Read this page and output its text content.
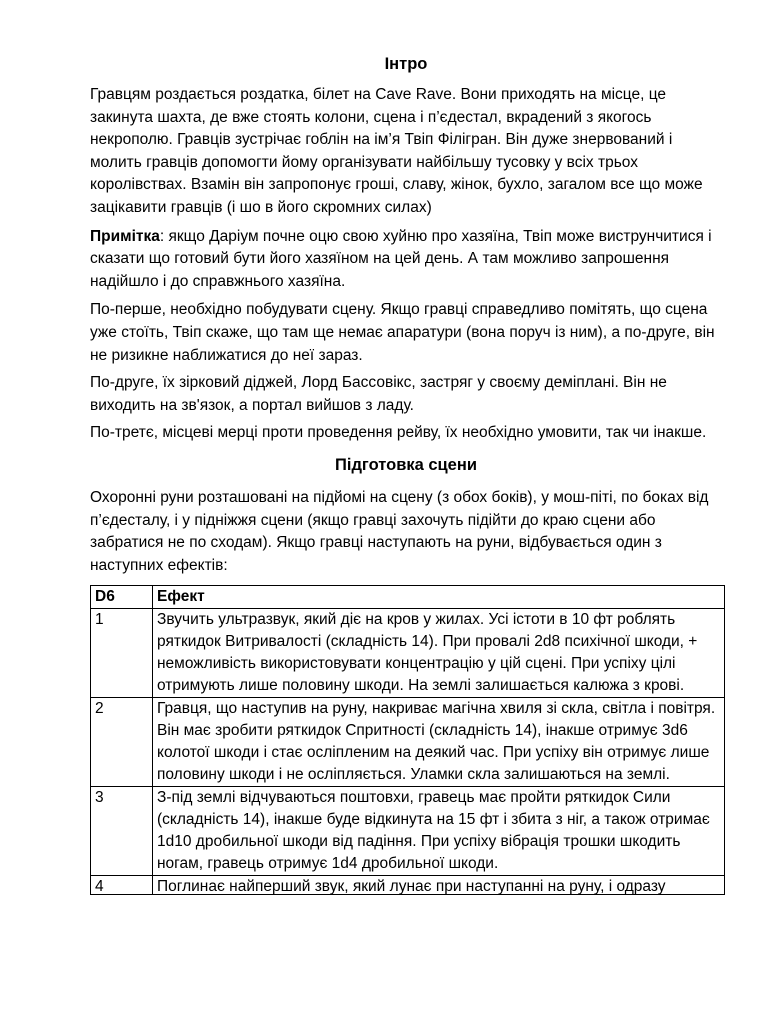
Інтро

Гравцям роздається роздатка, білет на Cave Rave. Вони приходять на місце, це закинута шахта, де вже стоять колони, сцена і п’єдестал, вкрадений з якогось некрополю. Гравців зустрічає гоблін на ім’я Твіп Філігран. Він дуже знервований і молить гравців допомогти йому організувати найбільшу тусовку у всіх трьох королівствах. Взамін він запропонує гроші, славу, жінок, бухло, загалом все що може зацікавити гравців (і шо в його скромних силах)

Примітка: якщо Даріум почне оцю свою хуйню про хазяїна, Твіп може виструнчитися і сказати що готовий бути його хазяїном на цей день. А там можливо запрошення надійшло і до справжнього хазяїна.

По-перше, необхідно побудувати сцену. Якщо гравці справедливо помітять, що сцена уже стоїть, Твіп скаже, що там ще немає апаратури (вона поруч із ним), а по-друге, він не ризикне наближатися до неї зараз.

По-друге, їх зірковий діджей, Лорд Бассовікс, застряг у своєму деміплані. Він не виходить на зв'язок, а портал вийшов з ладу.

По-третє, місцеві мерці проти проведення рейву, їх необхідно умовити, так чи інакше.

Підготовка сцени

Охоронні руни розташовані на підйомі на сцену (з обох боків), у мош-піті, по боках від п’єдесталу, і у підніжжя сцени (якщо гравці захочуть підійти до краю сцени або забратися не по сходам). Якщо гравці наступають на руни, відбувається один з наступних ефектів:

D6	Ефект
1	Звучить ультразвук, який діє на кров у жилах. Усі істоти в 10 фт роблять ряткидок Витривалості (складність 14). При провалі 2d8 психічної шкоди, + неможливість використовувати концентрацію у цій сцені. При успіху цілі отримують лише половину шкоди. На землі залишається калюжа з крові.
2	Гравця, що наступив на руну, накриває магічна хвиля зі скла, світла і повітря. Він має зробити ряткидок Спритності (складність 14), інакше отримує 3d6 колотої шкоди і стає осліпленим на деякий час. При успіху він отримує лише половину шкоди і не осліпляється. Уламки скла залишаються на землі.
3	З-під землі відчуваються поштовхи, гравець має пройти ряткидок Сили (складність 14), інакше буде відкинута на 15 фт і збита з ніг, а також отримає 1d10 дробильної шкоди від падіння. При успіху вібрація трошки шкодить ногам, гравець отримує 1d4 дробильної шкоди.

4	Поглинає найперший звук, який лунає при наступанні на руну, і одразу
